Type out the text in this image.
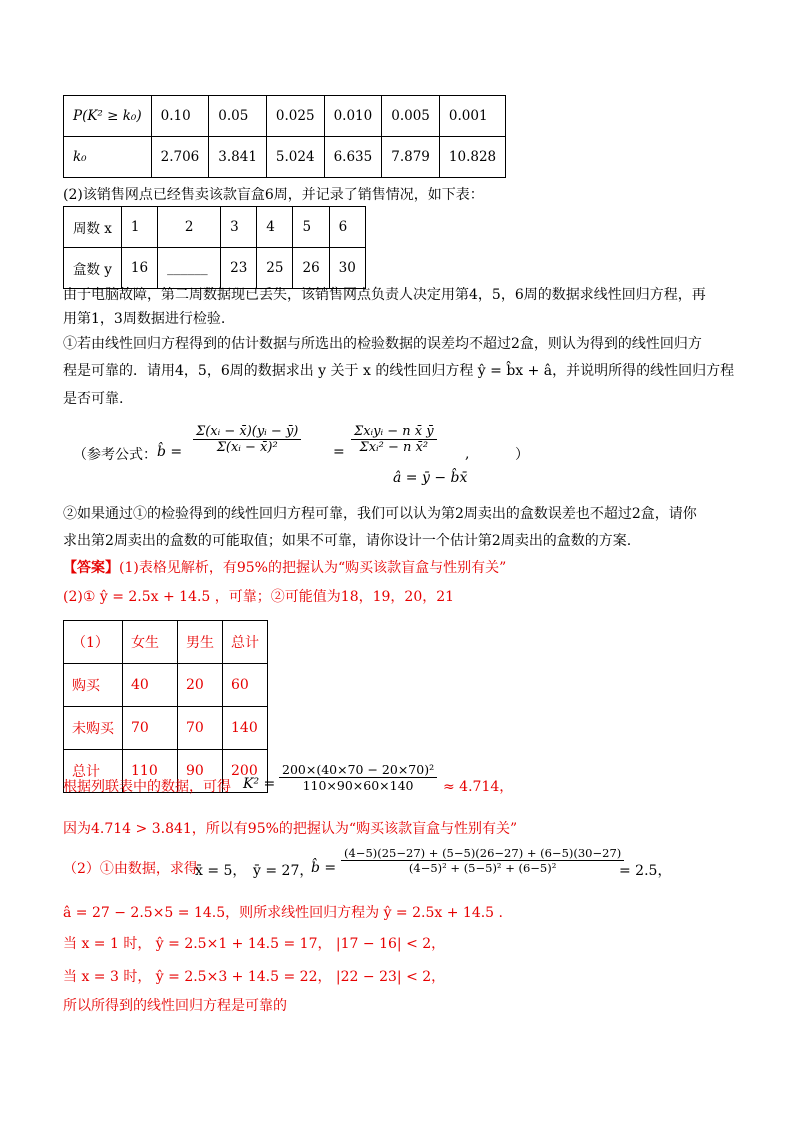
P(K² ≥ k₀)	0.10	0.05	0.025	0.010	0.005	0.001
k₀	2.706	3.841	5.024	6.635	7.879	10.828
(2)该销售网点已经售卖该款盲盒6周，并记录了销售情况，如下表：
周数 x	1	2	3	4	5	6
盒数 y	16	______	23	25	26	30
由于电脑故障，第二周数据现已丢失，该销售网点负责人决定用第4，5，6周的数据求线性回归方程，再
用第1，3周数据进行检验.
①若由线性回归方程得到的估计数据与所选出的检验数据的误差均不超过2盒，则认为得到的线性回归方
程是可靠的．请用4，5，6周的数据求出 y 关于 x 的线性回归方程 ŷ = b̂x + â，并说明所得的线性回归方程
是否可靠.
（参考公式： b̂ = $\frac{\text{Σ(xᵢ − x̄)(yᵢ − ȳ)}}{\text{Σ(xᵢ − x̄)²}}$ =
Σxᵢyᵢ − n x̄ ȳ
Σxᵢ² − n x̄²	,
â = ȳ − b̂x̄
）
②如果通过①的检验得到的线性回归方程可靠，我们可以认为第2周卖出的盒数误差也不超过2盒，请你
求出第2周卖出的盒数的可能取值；如果不可靠，请你设计一个估计第2周卖出的盒数的方案.
【答案】(1)表格见解析，有95%的把握认为“购买该款盲盒与性别有关”
(2)① ŷ = 2.5x + 14.5 ，可靠；②可能值为18，19，20，21
（1）	女生	男生	总计
购买	40	20	60
未购买	70	70	140
总计	110	90	200
根据列联表中的数据，可得 $K^2 = \frac{\text{200×(40×70 − 20×70)²}}{110\times 90\times 60\times 140} \approx 4.714$，
因为4.714 > 3.841，所以有95%的把握认为“购买该款盲盒与性别有关”
（2）①由数据，求得
x̄ = 5， ȳ = 27，
b̂ = $\frac{(4-5)(25-27) + (5-5)(26-27) + (6-5)(30-27)}{\text{(4−5)² + (5−5)² + (6−5)²}}$
= 2.5，
â = 27 − 2.5×5 = 14.5，则所求线性回归方程为 ŷ = 2.5x + 14.5 .
当 x = 1 时， ŷ = 2.5×1 + 14.5 = 17， |17 − 16| < 2，
当 x = 3 时， ŷ = 2.5×3 + 14.5 = 22， |22 − 23| < 2，
所以所得到的线性回归方程是可靠的
